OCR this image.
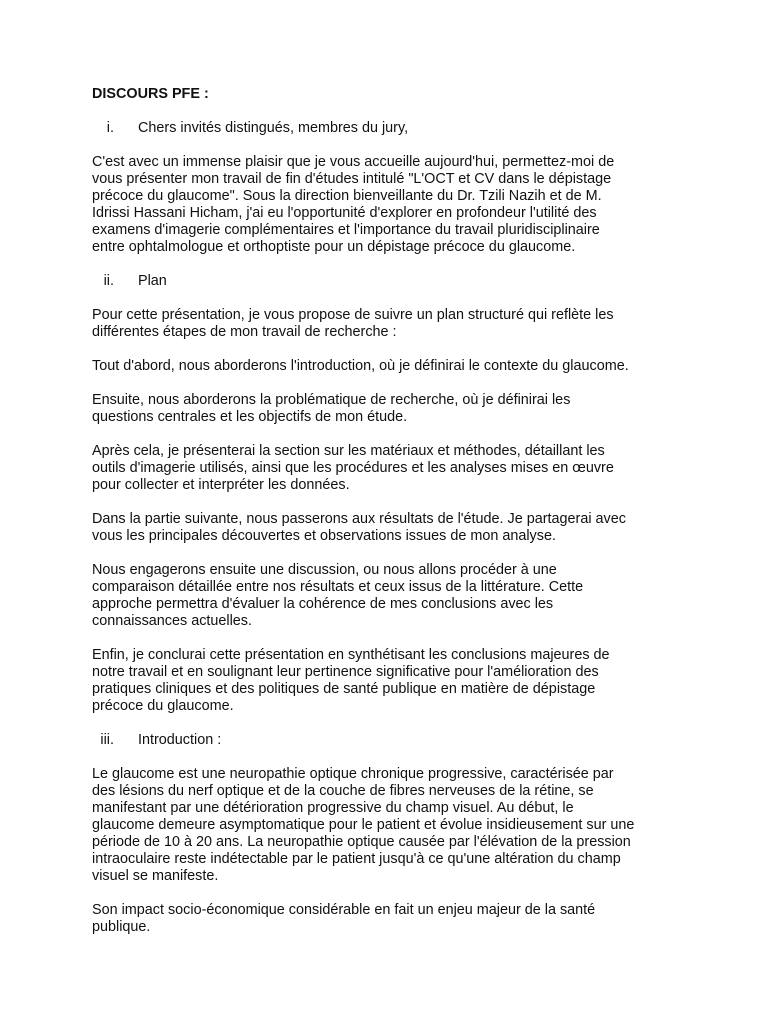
DISCOURS PFE :
i. Chers invités distingués, membres du jury,
C'est avec un immense plaisir que je vous accueille aujourd'hui, permettez-moi de
vous présenter mon travail de fin d'études intitulé "L'OCT et CV dans le dépistage
précoce du glaucome". Sous la direction bienveillante du Dr. Tzili Nazih et de M.
Idrissi Hassani Hicham, j'ai eu l'opportunité d'explorer en profondeur l'utilité des
examens d'imagerie complémentaires et l'importance du travail pluridisciplinaire
entre ophtalmologue et orthoptiste pour un dépistage précoce du glaucome.
ii. Plan
Pour cette présentation, je vous propose de suivre un plan structuré qui reflète les
différentes étapes de mon travail de recherche :
Tout d'abord, nous aborderons l'introduction, où je définirai le contexte du glaucome.
Ensuite, nous aborderons la problématique de recherche, où je définirai les
questions centrales et les objectifs de mon étude.
Après cela, je présenterai la section sur les matériaux et méthodes, détaillant les
outils d'imagerie utilisés, ainsi que les procédures et les analyses mises en œuvre
pour collecter et interpréter les données.
Dans la partie suivante, nous passerons aux résultats de l'étude. Je partagerai avec
vous les principales découvertes et observations issues de mon analyse.
Nous engagerons ensuite une discussion, ou nous allons procéder à une
comparaison détaillée entre nos résultats et ceux issus de la littérature. Cette
approche permettra d'évaluer la cohérence de mes conclusions avec les
connaissances actuelles.
Enfin, je conclurai cette présentation en synthétisant les conclusions majeures de
notre travail et en soulignant leur pertinence significative pour l'amélioration des
pratiques cliniques et des politiques de santé publique en matière de dépistage
précoce du glaucome.
iii. Introduction :
Le glaucome est une neuropathie optique chronique progressive, caractérisée par
des lésions du nerf optique et de la couche de fibres nerveuses de la rétine, se
manifestant par une détérioration progressive du champ visuel. Au début, le
glaucome demeure asymptomatique pour le patient et évolue insidieusement sur une
période de 10 à 20 ans. La neuropathie optique causée par l'élévation de la pression
intraoculaire reste indétectable par le patient jusqu'à ce qu'une altération du champ
visuel se manifeste.
Son impact socio-économique considérable en fait un enjeu majeur de la santé
publique.
